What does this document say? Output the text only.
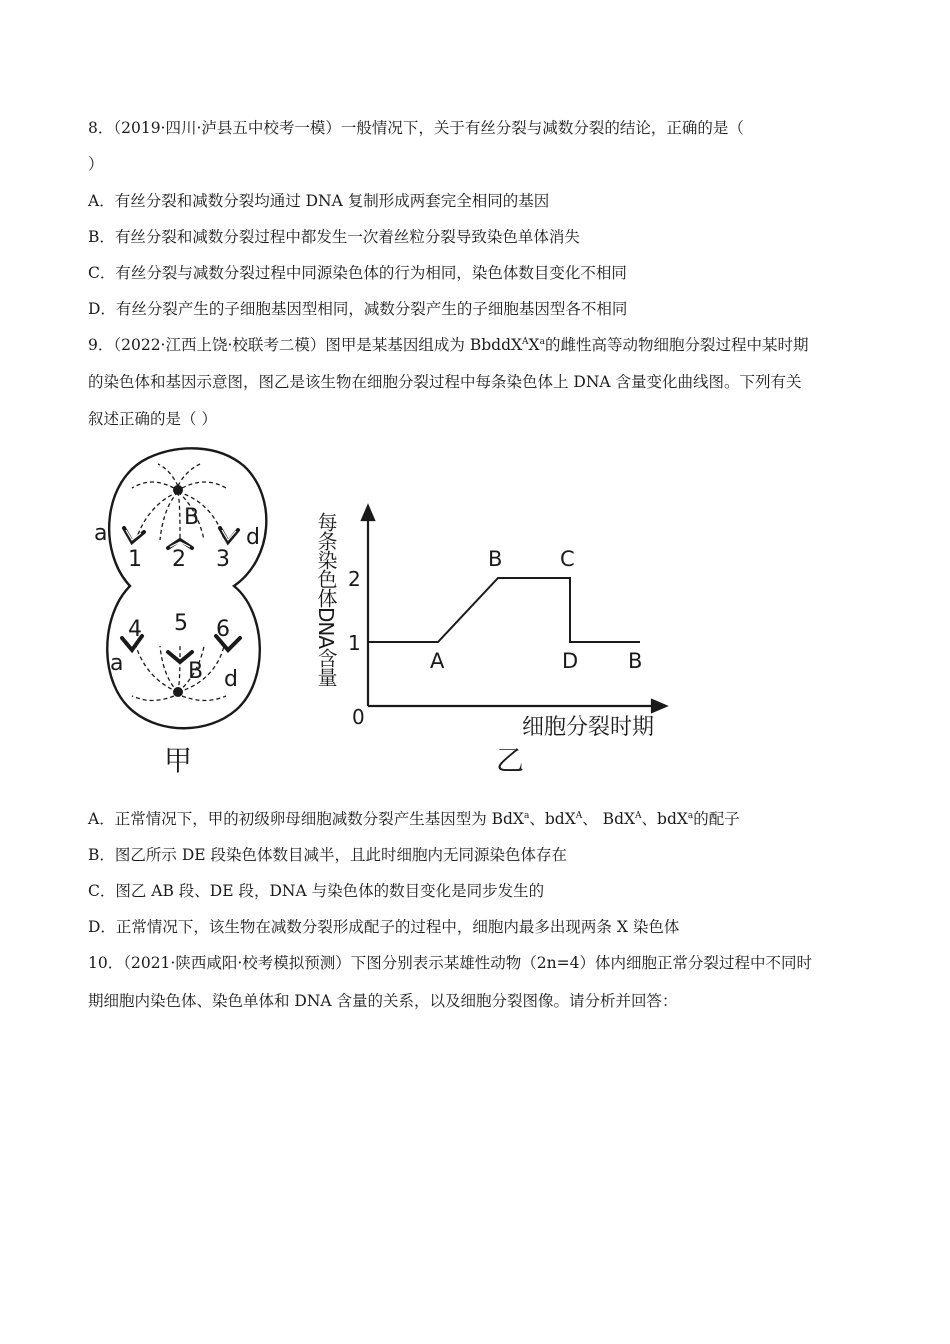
8．（2019·四川·泸县五中校考一模）一般情况下，关于有丝分裂与减数分裂的结论，正确的是（
）
A．有丝分裂和减数分裂均通过 DNA 复制形成两套完全相同的基因
B．有丝分裂和减数分裂过程中都发生一次着丝粒分裂导致染色单体消失
C．有丝分裂与减数分裂过程中同源染色体的行为相同，染色体数目变化不相同
D．有丝分裂产生的子细胞基因型相同，减数分裂产生的子细胞基因型各不相同
9．（2022·江西上饶·校联考二模）图甲是某基因组成为 $BbddX^AX^a$的雌性高等动物细胞分裂过程中某时期
的染色体和基因示意图，图乙是该生物在细胞分裂过程中每条染色体上 DNA 含量变化曲线图。下列有关
叙述正确的是（ ）
a
B
d
1 2 3
4 5 6
a	B d
甲
每条染色体DNA含量
0
1
2
细胞分裂时期
A
B	C
D B
乙
A．正常情况下，甲的初级卵母细胞减数分裂产生基因型为 BdX$^a$、bdX$^A$、 BdX$^A$、bdX$^a$的配子
B．图乙所示 DE 段染色体数目减半，且此时细胞内无同源染色体存在
C．图乙 AB 段、DE 段，DNA 与染色体的数目变化是同步发生的
D．正常情况下，该生物在减数分裂形成配子的过程中，细胞内最多出现两条 X 染色体
10．（2021·陕西咸阳·校考模拟预测）下图分别表示某雄性动物（2n=4）体内细胞正常分裂过程中不同时
期细胞内染色体、染色单体和 DNA 含量的关系，以及细胞分裂图像。请分析并回答：
